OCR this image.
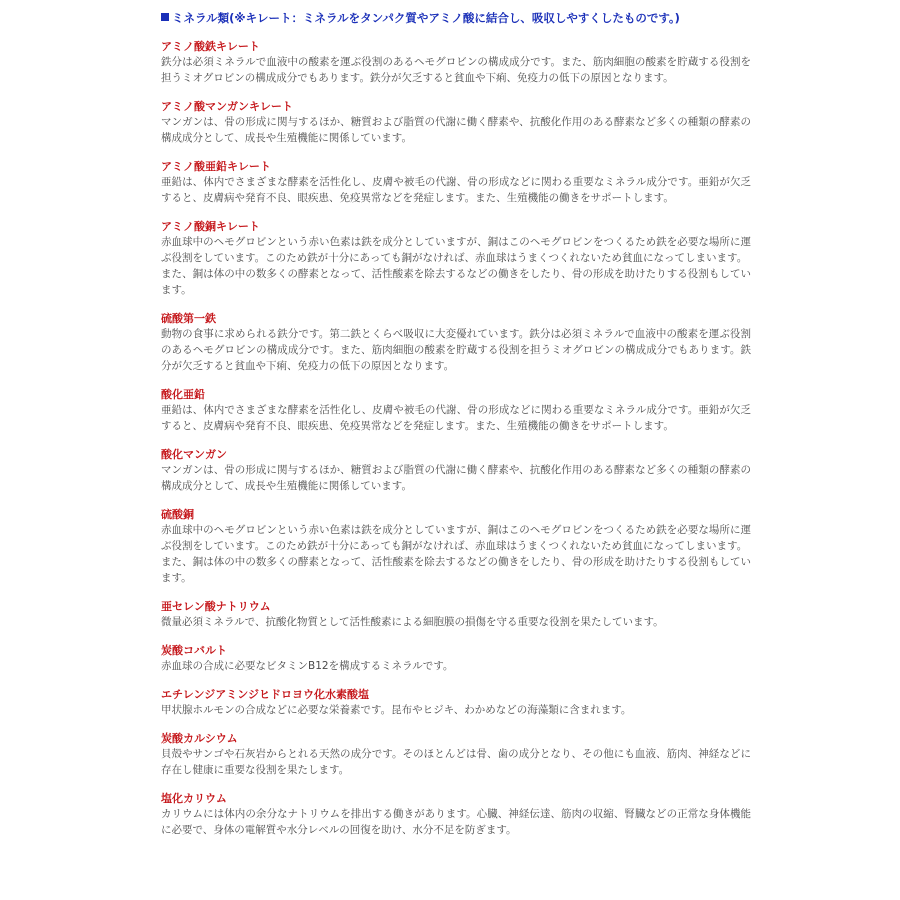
ミネラル類(※キレート：ミネラルをタンパク質やアミノ酸に結合し、吸収しやすくしたものです。)
アミノ酸鉄キレート

鉄分は必須ミネラルで血液中の酸素を運ぶ役割のあるヘモグロビンの構成成分です。また、筋肉細胞の酸素を貯蔵する役割を担うミオグロビンの構成成分でもあります。鉄分が欠乏すると貧血や下痢、免疫力の低下の原因となります。

アミノ酸マンガンキレート

マンガンは、骨の形成に関与するほか、糖質および脂質の代謝に働く酵素や、抗酸化作用のある酵素など多くの種類の酵素の構成成分として、成長や生殖機能に関係しています。

アミノ酸亜鉛キレート

亜鉛は、体内でさまざまな酵素を活性化し、皮膚や被毛の代謝、骨の形成などに関わる重要なミネラル成分です。亜鉛が欠乏すると、皮膚病や発育不良、眼疾患、免疫異常などを発症します。また、生殖機能の働きをサポートします。

アミノ酸銅キレート

赤血球中のヘモグロビンという赤い色素は鉄を成分としていますが、銅はこのヘモグロビンをつくるため鉄を必要な場所に運ぶ役割をしています。このため鉄が十分にあっても銅がなければ、赤血球はうまくつくれないため貧血になってしまいます。

また、銅は体の中の数多くの酵素となって、活性酸素を除去するなどの働きをしたり、骨の形成を助けたりする役割もしています。

硫酸第一鉄

動物の食事に求められる鉄分です。第二鉄とくらべ吸収に大変優れています。鉄分は必須ミネラルで血液中の酸素を運ぶ役割のあるヘモグロビンの構成成分です。また、筋肉細胞の酸素を貯蔵する役割を担うミオグロビンの構成成分でもあります。鉄分が欠乏すると貧血や下痢、免疫力の低下の原因となります。

酸化亜鉛

亜鉛は、体内でさまざまな酵素を活性化し、皮膚や被毛の代謝、骨の形成などに関わる重要なミネラル成分です。亜鉛が欠乏すると、皮膚病や発育不良、眼疾患、免疫異常などを発症します。また、生殖機能の働きをサポートします。

酸化マンガン

マンガンは、骨の形成に関与するほか、糖質および脂質の代謝に働く酵素や、抗酸化作用のある酵素など多くの種類の酵素の構成成分として、成長や生殖機能に関係しています。

硫酸銅

赤血球中のヘモグロビンという赤い色素は鉄を成分としていますが、銅はこのヘモグロビンをつくるため鉄を必要な場所に運ぶ役割をしています。このため鉄が十分にあっても銅がなければ、赤血球はうまくつくれないため貧血になってしまいます。

また、銅は体の中の数多くの酵素となって、活性酸素を除去するなどの働きをしたり、骨の形成を助けたりする役割もしています。

亜セレン酸ナトリウム

微量必須ミネラルで、抗酸化物質として活性酸素による細胞膜の損傷を守る重要な役割を果たしています。

炭酸コバルト

赤血球の合成に必要なビタミンB12を構成するミネラルです。

エチレンジアミンジヒドロヨウ化水素酸塩

甲状腺ホルモンの合成などに必要な栄養素です。昆布やヒジキ、わかめなどの海藻類に含まれます。

炭酸カルシウム

貝殻やサンゴや石灰岩からとれる天然の成分です。そのほとんどは骨、歯の成分となり、その他にも血液、筋肉、神経などに存在し健康に重要な役割を果たします。

塩化カリウム

カリウムには体内の余分なナトリウムを排出する働きがあります。心臓、神経伝達、筋肉の収縮、腎臓などの正常な身体機能に必要で、身体の電解質や水分レベルの回復を助け、水分不足を防ぎます。
